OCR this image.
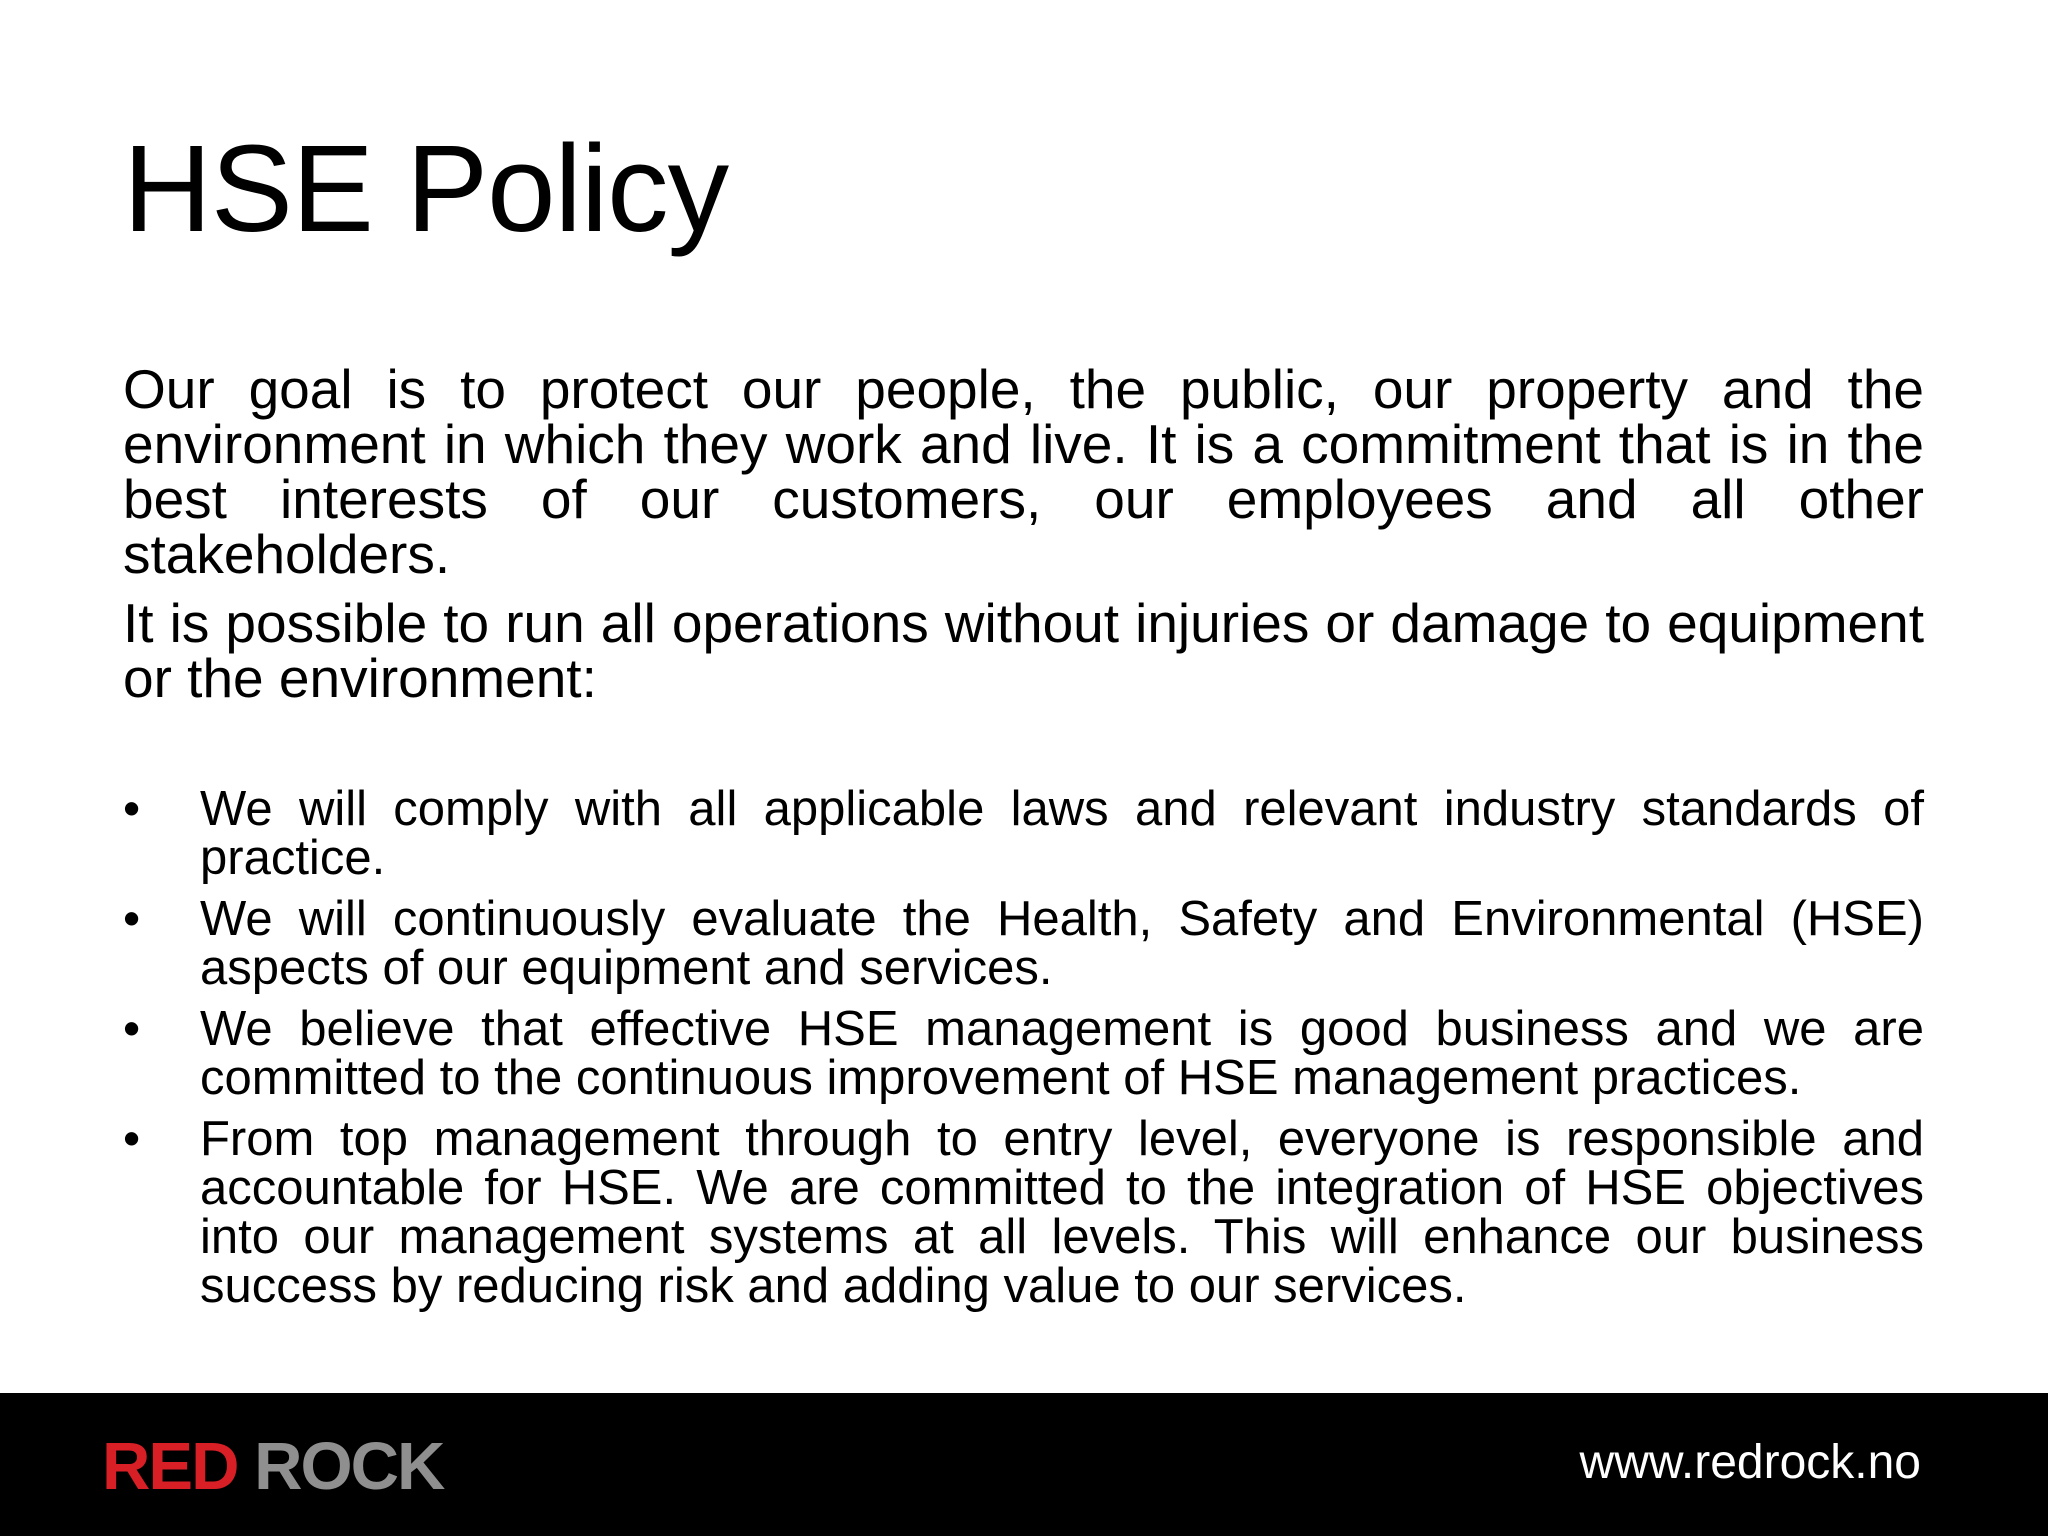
HSE Policy

Our goal is to protect our people, the public, our property and the environment in which they work and live. It is a commitment that is in the best interests of our customers, our employees and all other stakeholders.

It is possible to run all operations without injuries or damage to equipment or the environment:

• We will comply with all applicable laws and relevant industry standards of practice.
• We will continuously evaluate the Health, Safety and Environmental (HSE) aspects of our equipment and services.
• We believe that effective HSE management is good business and we are committed to the continuous improvement of HSE management practices.
• From top management through to entry level, everyone is responsible and accountable for HSE. We are committed to the integration of HSE objectives into our management systems at all levels. This will enhance our business success by reducing risk and adding value to our services.
RED ROCK	www.redrock.no
